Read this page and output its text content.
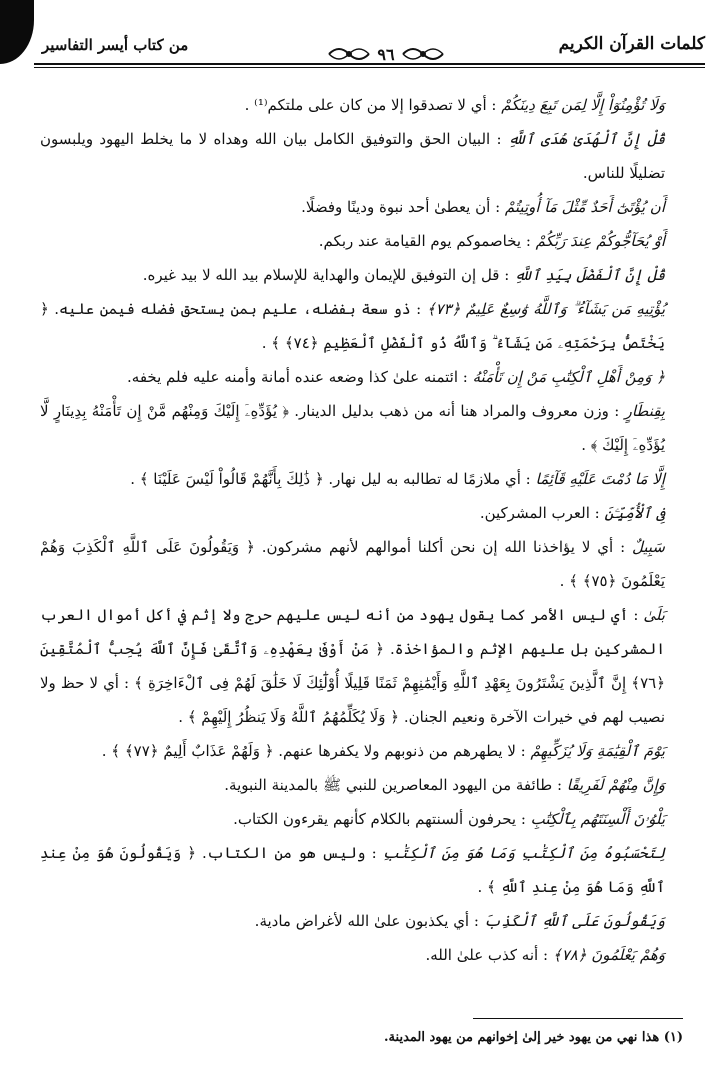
كلمات القرآن الكريم
٩٦
من كتاب أيسر التفاسير

وَلَا تُؤْمِنُوٓاْ إِلَّا لِمَن تَبِعَ دِينَكُمْ : أي لا تصدقوا إلا من كان على ملتكم⁽¹⁾ .

قُلْ إِنَّ ٱلْهُدَىٰ هُدَى ٱللَّهِ : البيان الحق والتوفيق الكامل بيان الله وهداه لا ما يخلط اليهود ويلبسون تضليلًا للناس.

أَن يُؤْتَىٰٓ أَحَدٌ مِّثْلَ مَآ أُوتِيتُمْ : أن يعطىٰ أحد نبوة ودينًا وفضلًا.

أَوْ يُحَآجُّوكُمْ عِندَ رَبِّكُمْ : يخاصموكم يوم القيامة عند ربكم.

قُلْ إِنَّ ٱلْفَضْلَ بِيَدِ ٱللَّهِ : قل إن التوفيق للإيمان والهداية للإسلام بيد الله لا بيد غيره.

يُؤْتِيهِ مَن يَشَآءُ ۗ وَٱللَّهُ وَٰسِعٌ عَلِيمٌ ﴿٧٣﴾ : ذو سعة بفضله، عليم بمن يستحق فضله فيمن عليه. ﴿ يَخْتَصُّ بِرَحْمَتِهِۦ مَن يَشَآءُ ۗ وَٱللَّهُ ذُو ٱلْفَضْلِ ٱلْعَظِيمِ ﴿٧٤﴾ ﴾ .

﴿ وَمِنْ أَهْلِ ٱلْكِتَٰبِ مَنْ إِن تَأْمَنْهُ : ائتمنه علىٰ كذا وضعه عنده أمانة وأمنه عليه فلم يخفه.

بِقِنطَارٍ : وزن معروف والمراد هنا أنه من ذهب بدليل الدينار. ﴿ يُؤَدِّهِۦٓ إِلَيْكَ وَمِنْهُم مَّنْ إِن تَأْمَنْهُ بِدِينَارٍ لَّا يُؤَدِّهِۦٓ إِلَيْكَ ﴾ .

إِلَّا مَا دُمْتَ عَلَيْهِ قَآئِمًا : أي ملازمًا له تطالبه به ليل نهار. ﴿ ذَٰلِكَ بِأَنَّهُمْ قَالُواْ لَيْسَ عَلَيْنَا ﴾ .

فِى ٱلْأُمِّيِّـۧنَ : العرب المشركين.

سَبِيلٌ : أي لا يؤاخذنا الله إن نحن أكلنا أموالهم لأنهم مشركون. ﴿ وَيَقُولُونَ عَلَى ٱللَّهِ ٱلْكَذِبَ وَهُمْ يَعْلَمُونَ ﴿٧٥﴾ ﴾ .

بَلَىٰ : أي ليس الأمر كما يقول يهود من أنه ليس عليهم حرج ولا إثم في أكل أموال العرب المشركين بل عليهم الإثم والمؤاخذة. ﴿ مَنْ أَوْفَىٰ بِعَهْدِهِۦ وَٱتَّقَىٰ فَإِنَّ ٱللَّهَ يُحِبُّ ٱلْمُتَّقِينَ ﴿٧٦﴾ إِنَّ ٱلَّذِينَ يَشْتَرُونَ بِعَهْدِ ٱللَّهِ وَأَيْمَٰنِهِمْ ثَمَنًا قَلِيلًا أُوْلَٰٓئِكَ لَا خَلَٰقَ لَهُمْ فِى ٱلْءَاخِرَةِ ﴾ : أي لا حظ ولا نصيب لهم في خيرات الآخرة ونعيم الجنان. ﴿ وَلَا يُكَلِّمُهُمُ ٱللَّهُ وَلَا يَنظُرُ إِلَيْهِمْ ﴾ .

يَوْمَ ٱلْقِيَٰمَةِ وَلَا يُزَكِّيهِمْ : لا يطهرهم من ذنوبهم ولا يكفرها عنهم. ﴿ وَلَهُمْ عَذَابٌ أَلِيمٌ ﴿٧٧﴾ ﴾ .

وَإِنَّ مِنْهُمْ لَفَرِيقًا : طائفة من اليهود المعاصرين للنبي ﷺ بالمدينة النبوية.

يَلْوُۥنَ أَلْسِنَتَهُم بِٱلْكِتَٰبِ : يحرفون ألسنتهم بالكلام كأنهم يقرءون الكتاب.

لِتَحْسَبُوهُ مِنَ ٱلْكِتَٰبِ وَمَا هُوَ مِنَ ٱلْكِتَٰبِ : وليس هو من الكتاب. ﴿ وَيَقُولُونَ هُوَ مِنْ عِندِ ٱللَّهِ وَمَا هُوَ مِنْ عِندِ ٱللَّهِ ﴾ .

وَيَقُولُونَ عَلَى ٱللَّهِ ٱلْكَذِبَ : أي يكذبون علىٰ الله لأغراض مادية.

وَهُمْ يَعْلَمُونَ ﴿٧٨﴾ : أنه كذب علىٰ الله.

(١) هذا نهي من يهود خير إلىٰ إخوانهم من يهود المدينة.
